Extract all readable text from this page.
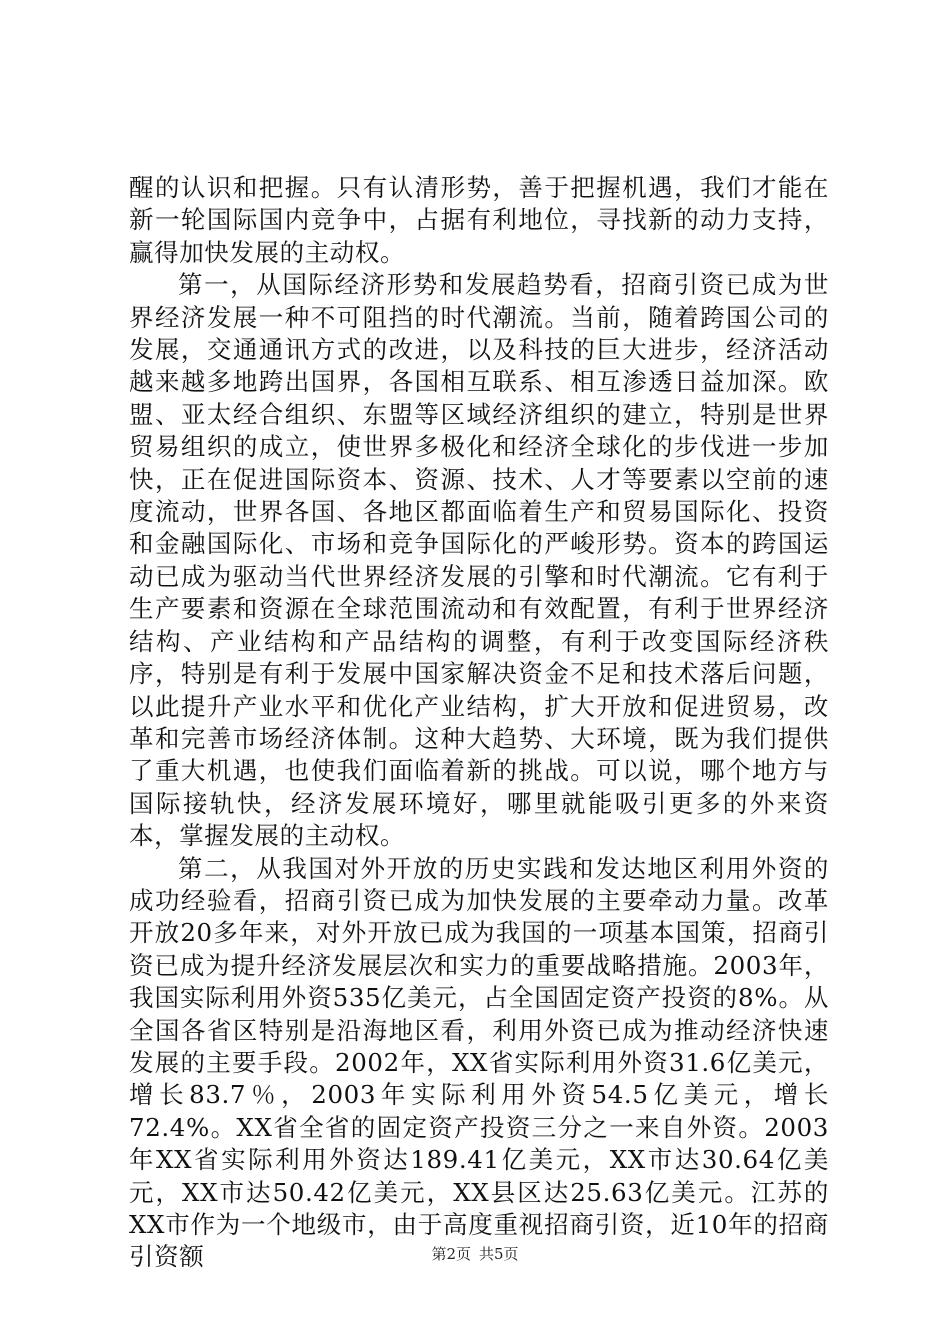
醒的认识和把握。只有认清形势，善于把握机遇，我们才能在新一轮国际国内竞争中，占据有利地位，寻找新的动力支持，赢得加快发展的主动权。

第一，从国际经济形势和发展趋势看，招商引资已成为世界经济发展一种不可阻挡的时代潮流。当前，随着跨国公司的发展，交通通讯方式的改进，以及科技的巨大进步，经济活动越来越多地跨出国界，各国相互联系、相互渗透日益加深。欧盟、亚太经合组织、东盟等区域经济组织的建立，特别是世界贸易组织的成立，使世界多极化和经济全球化的步伐进一步加快，正在促进国际资本、资源、技术、人才等要素以空前的速度流动，世界各国、各地区都面临着生产和贸易国际化、投资和金融国际化、市场和竞争国际化的严峻形势。资本的跨国运动已成为驱动当代世界经济发展的引擎和时代潮流。它有利于生产要素和资源在全球范围流动和有效配置，有利于世界经济结构、产业结构和产品结构的调整，有利于改变国际经济秩序，特别是有利于发展中国家解决资金不足和技术落后问题，以此提升产业水平和优化产业结构，扩大开放和促进贸易，改革和完善市场经济体制。这种大趋势、大环境，既为我们提供了重大机遇，也使我们面临着新的挑战。可以说，哪个地方与国际接轨快，经济发展环境好，哪里就能吸引更多的外来资本，掌握发展的主动权。

第二，从我国对外开放的历史实践和发达地区利用外资的成功经验看，招商引资已成为加快发展的主要牵动力量。改革开放20多年来，对外开放已成为我国的一项基本国策，招商引资已成为提升经济发展层次和实力的重要战略措施。2003年，我国实际利用外资535亿美元，占全国固定资产投资的8%。从全国各省区特别是沿海地区看，利用外资已成为推动经济快速发展的主要手段。2002年，XX省实际利用外资31.6亿美元，增长83.7％，2003年实际利用外资54.5亿美元，增长72.4%。XX省全省的固定资产投资三分之一来自外资。2003年XX省实际利用外资达189.41亿美元，XX市达30.64亿美元，XX市达50.42亿美元，XX县区达25.63亿美元。江苏的XX市作为一个地级市，由于高度重视招商引资，近10年的招商引资额	第2页 共5页
